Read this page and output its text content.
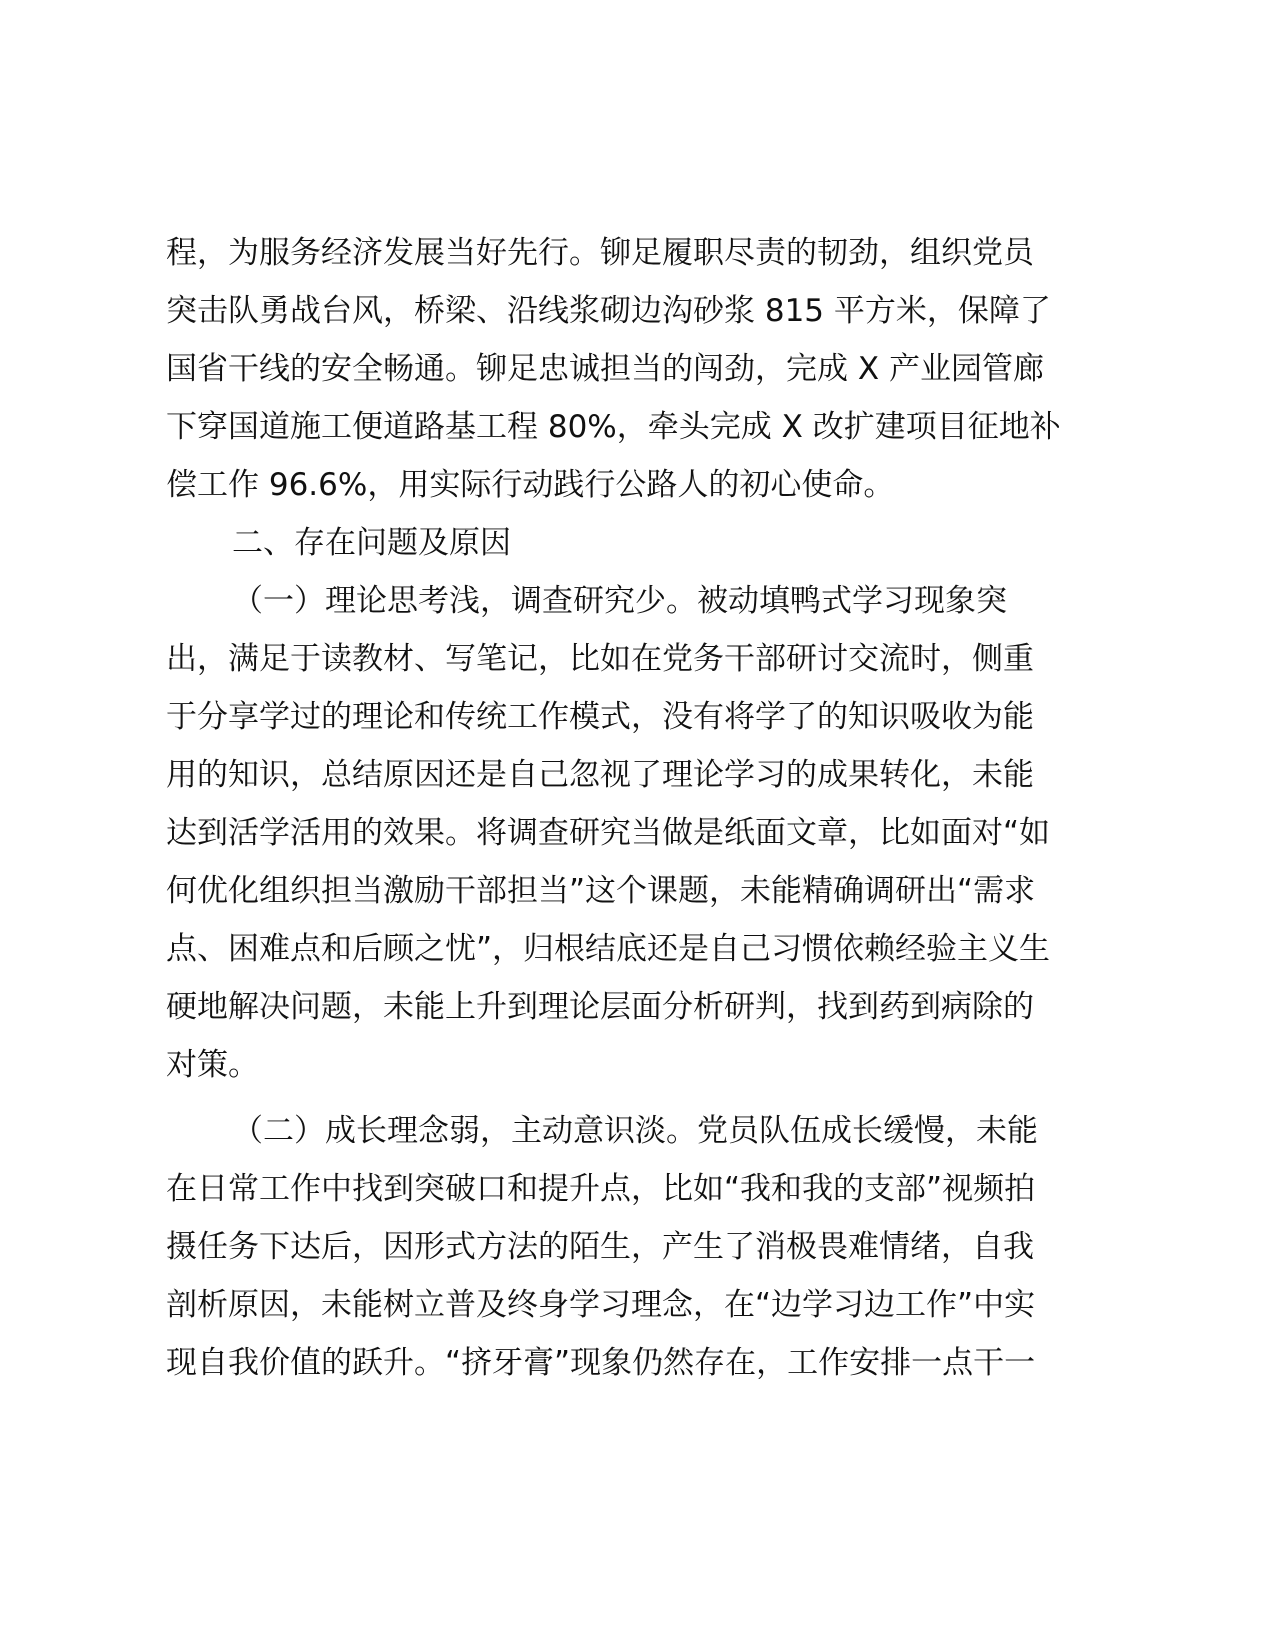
程，为服务经济发展当好先行。铆足履职尽责的韧劲，组织党员
突击队勇战台风，桥梁、沿线浆砌边沟砂浆 815 平方米，保障了
国省干线的安全畅通。铆足忠诚担当的闯劲，完成 X 产业园管廊
下穿国道施工便道路基工程 80%，牵头完成 X 改扩建项目征地补
偿工作 96.6%，用实际行动践行公路人的初心使命。
二、存在问题及原因
（一）理论思考浅，调查研究少。被动填鸭式学习现象突
出，满足于读教材、写笔记，比如在党务干部研讨交流时，侧重
于分享学过的理论和传统工作模式，没有将学了的知识吸收为能
用的知识，总结原因还是自己忽视了理论学习的成果转化，未能
达到活学活用的效果。将调查研究当做是纸面文章，比如面对“如
何优化组织担当激励干部担当”这个课题，未能精确调研出“需求
点、困难点和后顾之忧”，归根结底还是自己习惯依赖经验主义生
硬地解决问题，未能上升到理论层面分析研判，找到药到病除的
对策。
（二）成长理念弱，主动意识淡。党员队伍成长缓慢，未能
在日常工作中找到突破口和提升点，比如“我和我的支部”视频拍
摄任务下达后，因形式方法的陌生，产生了消极畏难情绪，自我
剖析原因，未能树立普及终身学习理念，在“边学习边工作”中实
现自我价值的跃升。“挤牙膏”现象仍然存在，工作安排一点干一
